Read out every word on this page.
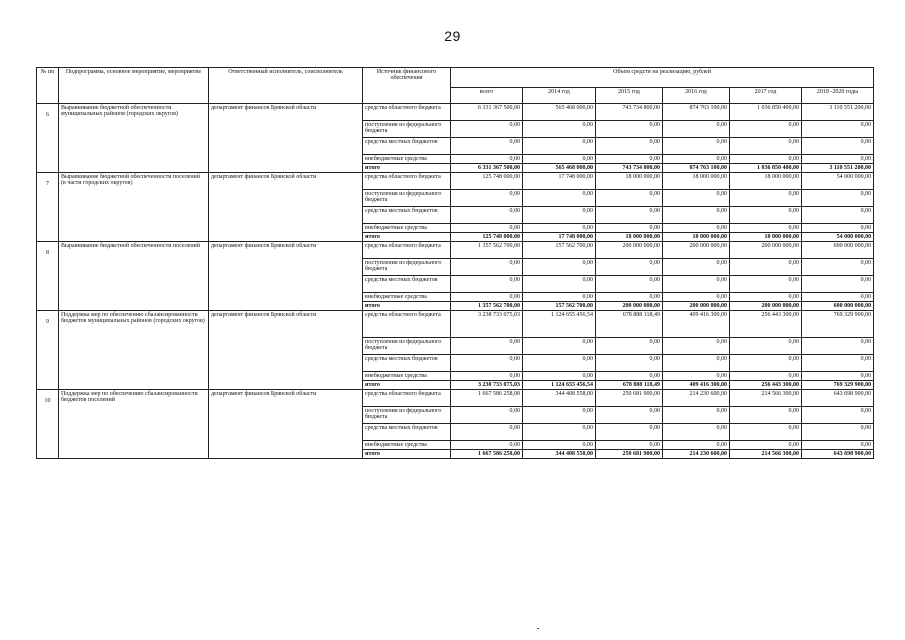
29
№ пп	Подпрограмма, основное мероприятие, мероприятие	Ответственный исполнитель, соисполнитель	Источник финансового обеспечения	Объем средств на реализацию, рублей					
				всего	2014 год	2015 год	2016 год	2017 год	2018 -2020 годы
6	Выравнивание бюджетной обеспеченности муниципальных районов (городских округов)	департамент финансов Брянской области	средства областного бюджета	6 331 367 500,00	565 468 000,00	743 734 800,00	874 763 100,00	1 036 850 400,00	3 110 551 200,00
			поступления из федерального бюджета	0,00	0,00	0,00	0,00	0,00	0,00
			средства местных бюджетов	0,00	0,00	0,00	0,00	0,00	0,00
			внебюджетные средства	0,00	0,00	0,00	0,00	0,00	0,00
			итого	6 331 367 500,00	565 468 000,00	743 734 800,00	874 763 100,00	1 036 850 400,00	3 110 551 200,00
7	Выравнивание бюджетной обеспеченности поселений (в части городских округов)	департамент финансов Брянской области	средства областного бюджета	125 748 000,00	17 748 000,00	18 000 000,00	18 000 000,00	18 000 000,00	54 000 000,00
			поступления из федерального бюджета	0,00	0,00	0,00	0,00	0,00	0,00
			средства местных бюджетов	0,00	0,00	0,00	0,00	0,00	0,00
			внебюджетные средства	0,00	0,00	0,00	0,00	0,00	0,00
			итого	125 748 000,00	17 748 000,00	18 000 000,00	18 000 000,00	18 000 000,00	54 000 000,00
8	Выравнивание бюджетной обеспеченности поселений	департамент финансов Брянской области	средства областного бюджета	1 357 562 700,00	157 562 700,00	200 000 000,00	200 000 000,00	200 000 000,00	600 000 000,00
			поступления из федерального бюджета	0,00	0,00	0,00	0,00	0,00	0,00
			средства местных бюджетов	0,00	0,00	0,00	0,00	0,00	0,00
			внебюджетные средства	0,00	0,00	0,00	0,00	0,00	0,00
			итого	1 357 562 700,00	157 562 700,00	200 000 000,00	200 000 000,00	200 000 000,00	600 000 000,00
9	Поддержка мер по обеспечению сбалансированности бюджетов муниципальных районов (городских округов)	департамент финансов Брянской области	средства областного бюджета	3 238 733 075,03	1 124 655 456,54	678 888 118,49	409 416 300,00	256 443 300,00	769 329 900,00
			поступления из федерального бюджета	0,00	0,00	0,00	0,00	0,00	0,00
			средства местных бюджетов	0,00	0,00	0,00	0,00	0,00	0,00
			внебюджетные средства	0,00	0,00	0,00	0,00	0,00	0,00
			итого	3 238 733 075,03	1 124 655 456,54	678 888 118,49	409 416 300,00	256 443 300,00	769 329 900,00
10	Поддержка мер по обеспечению сбалансированности бюджетов поселений	департамент финансов Брянской области	средства областного бюджета	1 667 586 258,00	344 408 558,00	250 681 900,00	214 230 600,00	214 566 300,00	643 698 900,00
			поступления из федерального бюджета	0,00	0,00	0,00	0,00	0,00	0,00
			средства местных бюджетов	0,00	0,00	0,00	0,00	0,00	0,00
			внебюджетные средства	0,00	0,00	0,00	0,00	0,00	0,00
			итого	1 667 586 258,00	344 408 558,00	250 681 900,00	214 230 600,00	214 566 300,00	643 698 900,00
